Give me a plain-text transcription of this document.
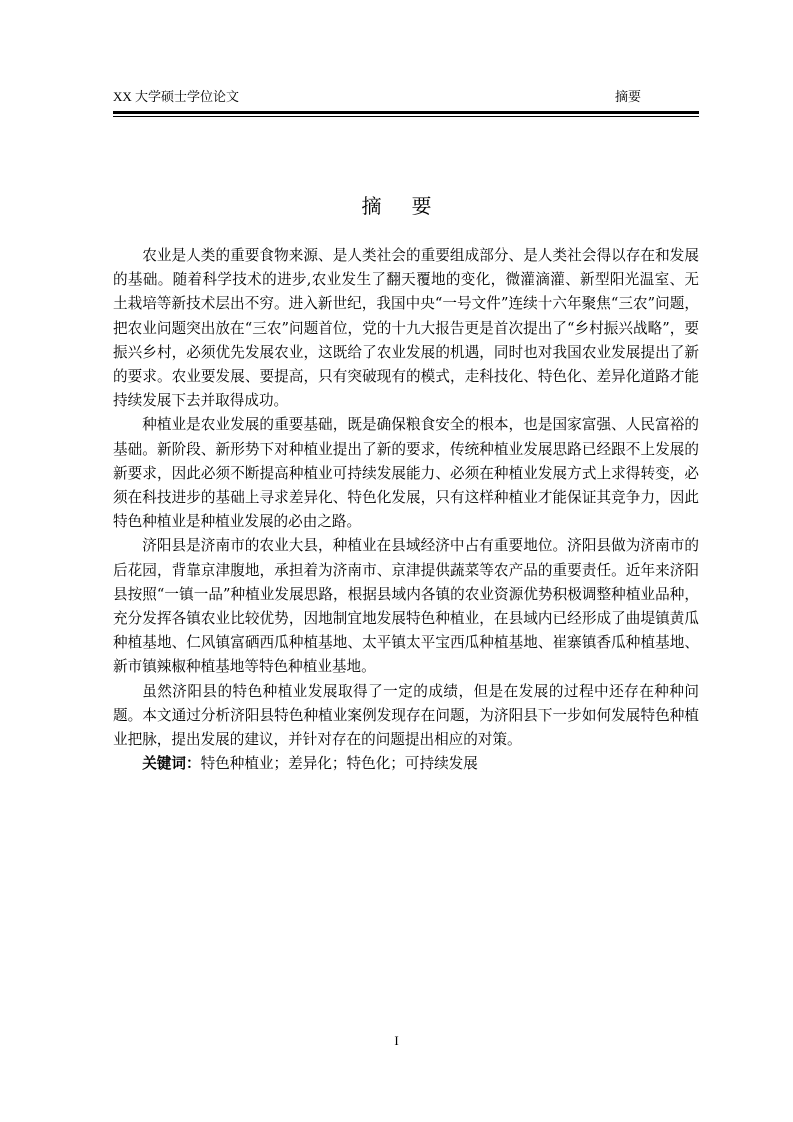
XX 大学硕士学位论文	摘要
摘要

农业是人类的重要食物来源、是人类社会的重要组成部分、是人类社会得以存在和发展的基础。随着科学技术的进步,农业发生了翻天覆地的变化，微灌滴灌、新型阳光温室、无土栽培等新技术层出不穷。进入新世纪，我国中央“一号文件”连续十六年聚焦“三农”问题，把农业问题突出放在“三农”问题首位，党的十九大报告更是首次提出了“乡村振兴战略”，要振兴乡村，必须优先发展农业，这既给了农业发展的机遇，同时也对我国农业发展提出了新的要求。农业要发展、要提高，只有突破现有的模式，走科技化、特色化、差异化道路才能持续发展下去并取得成功。

种植业是农业发展的重要基础，既是确保粮食安全的根本，也是国家富强、人民富裕的基础。新阶段、新形势下对种植业提出了新的要求，传统种植业发展思路已经跟不上发展的新要求，因此必须不断提高种植业可持续发展能力、必须在种植业发展方式上求得转变，必须在科技进步的基础上寻求差异化、特色化发展，只有这样种植业才能保证其竞争力，因此特色种植业是种植业发展的必由之路。

济阳县是济南市的农业大县，种植业在县域经济中占有重要地位。济阳县做为济南市的后花园，背靠京津腹地，承担着为济南市、京津提供蔬菜等农产品的重要责任。近年来济阳县按照“一镇一品”种植业发展思路，根据县域内各镇的农业资源优势积极调整种植业品种，充分发挥各镇农业比较优势，因地制宜地发展特色种植业，在县域内已经形成了曲堤镇黄瓜种植基地、仁风镇富硒西瓜种植基地、太平镇太平宝西瓜种植基地、崔寨镇香瓜种植基地、新市镇辣椒种植基地等特色种植业基地。

虽然济阳县的特色种植业发展取得了一定的成绩，但是在发展的过程中还存在种种问题。本文通过分析济阳县特色种植业案例发现存在问题，为济阳县下一步如何发展特色种植业把脉，提出发展的建议，并针对存在的问题提出相应的对策。

关键词：特色种植业；差异化；特色化；可持续发展

I
